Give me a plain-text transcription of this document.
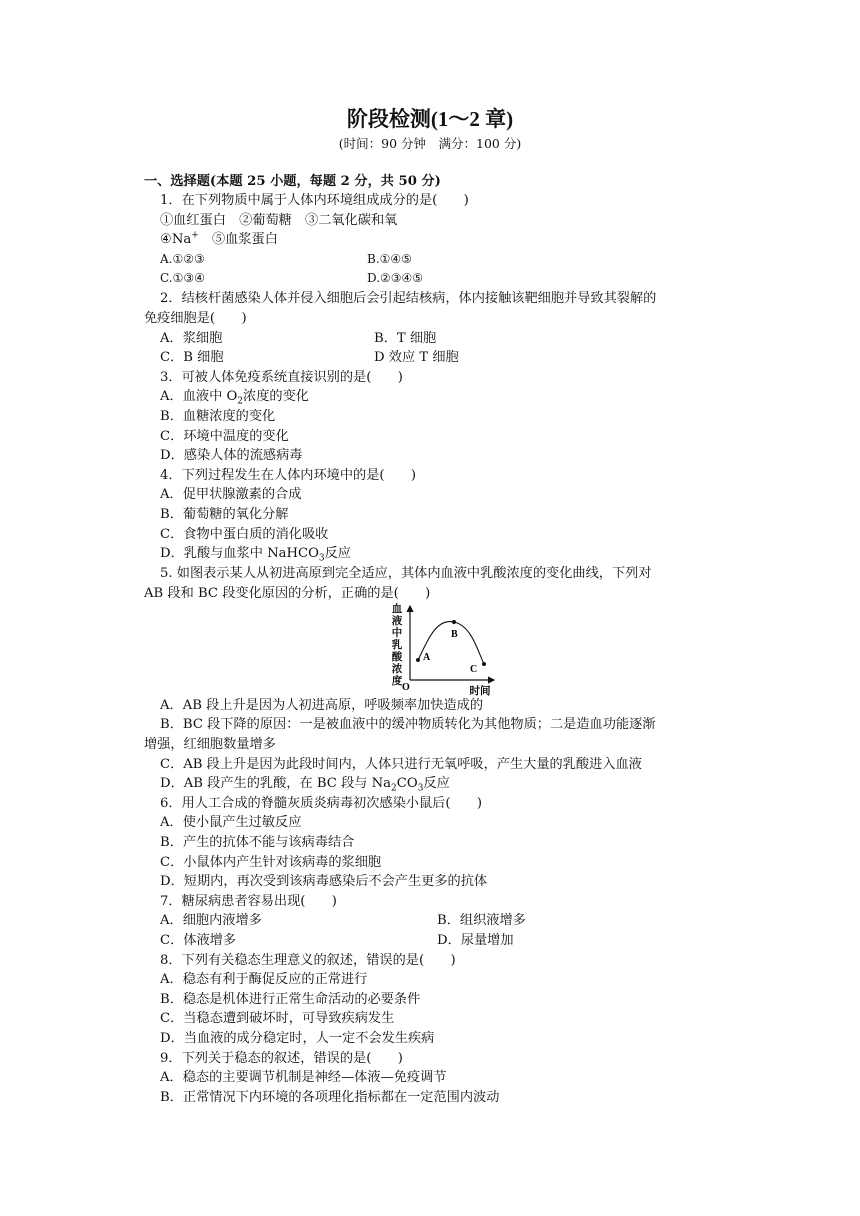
阶段检测(1～2 章)
(时间：90 分钟　满分：100 分)
一、选择题(本题 25 小题，每题 2 分，共 50 分)
1．在下列物质中属于人体内环境组成成分的是(　　)
①血红蛋白　②葡萄糖　③二氧化碳和氧
④Na+　⑤血浆蛋白
A.①②③	B.①④⑤
C.①③④	D.②③④⑤
2．结核杆菌感染人体并侵入细胞后会引起结核病，体内接触该靶细胞并导致其裂解的
免疫细胞是(　　)
A．浆细胞	B．T 细胞
C．B 细胞	D 效应 T 细胞
3．可被人体免疫系统直接识别的是(　　)
A．血液中 $O_2$浓度的变化
B．血糖浓度的变化
C．环境中温度的变化
D．感染人体的流感病毒
4．下列过程发生在人体内环境中的是(　　)
A．促甲状腺激素的合成
B．葡萄糖的氧化分解
C．食物中蛋白质的消化吸收
D．乳酸与血浆中 NaHCO$_3$反应
5. 如图表示某人从初进高原到完全适应，其体内血液中乳酸浓度的变化曲线，下列对
AB 段和 BC 段变化原因的分析，正确的是(　　)
血
液
中
乳
酸
浓
度
O	时间
A
B
C
A．AB 段上升是因为人初进高原，呼吸频率加快造成的
B．BC 段下降的原因：一是被血液中的缓冲物质转化为其他物质；二是造血功能逐渐
增强，红细胞数量增多
C．AB 段上升是因为此段时间内，人体只进行无氧呼吸，产生大量的乳酸进入血液
D．AB 段产生的乳酸，在 BC 段与 $Na_2CO_3$反应
6．用人工合成的脊髓灰质炎病毒初次感染小鼠后(　　)
A．使小鼠产生过敏反应
B．产生的抗体不能与该病毒结合
C．小鼠体内产生针对该病毒的浆细胞
D．短期内，再次受到该病毒感染后不会产生更多的抗体
7．糖尿病患者容易出现(　　)
A．细胞内液增多	B．组织液增多
C．体液增多	D．尿量增加
8．下列有关稳态生理意义的叙述，错误的是(　　)
A．稳态有利于酶促反应的正常进行
B．稳态是机体进行正常生命活动的必要条件
C．当稳态遭到破坏时，可导致疾病发生
D．当血液的成分稳定时，人一定不会发生疾病
9．下列关于稳态的叙述，错误的是(　　)
A．稳态的主要调节机制是神经—体液—免疫调节
B．正常情况下内环境的各项理化指标都在一定范围内波动
